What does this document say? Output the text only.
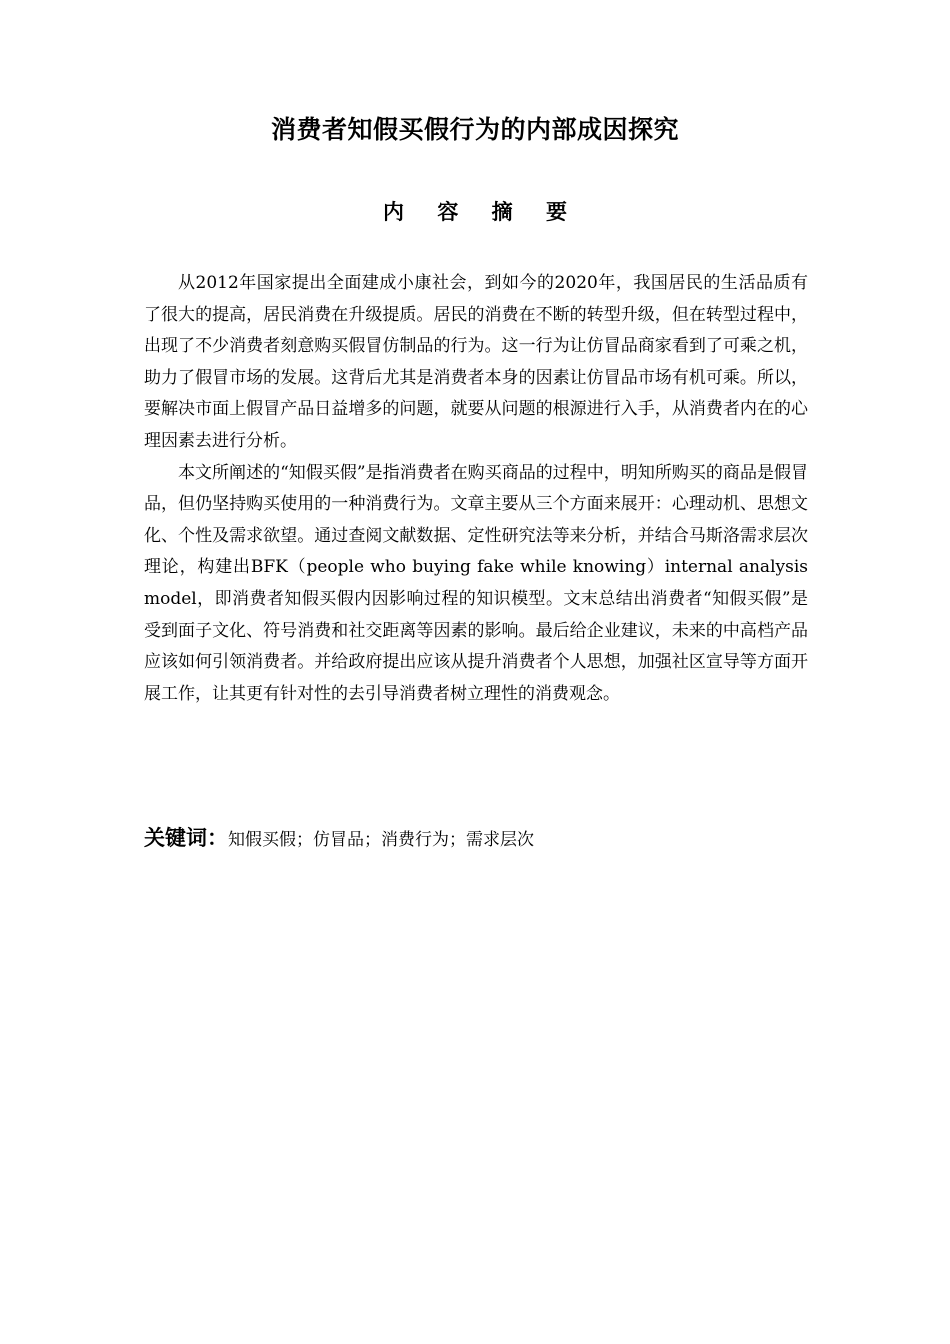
消费者知假买假行为的内部成因探究
内 容 摘 要

从2012年国家提出全面建成小康社会，到如今的2020年，我国居民的生活品质有了很大的提高，居民消费在升级提质。居民的消费在不断的转型升级，但在转型过程中，出现了不少消费者刻意购买假冒仿制品的行为。这一行为让仿冒品商家看到了可乘之机，助力了假冒市场的发展。这背后尤其是消费者本身的因素让仿冒品市场有机可乘。所以，要解决市面上假冒产品日益增多的问题，就要从问题的根源进行入手，从消费者内在的心理因素去进行分析。

本文所阐述的“知假买假”是指消费者在购买商品的过程中，明知所购买的商品是假冒品，但仍坚持购买使用的一种消费行为。文章主要从三个方面来展开：心理动机、思想文化、个性及需求欲望。通过查阅文献数据、定性研究法等来分析，并结合马斯洛需求层次理论，构建出BFK（people who buying fake while knowing）internal analysis model，即消费者知假买假内因影响过程的知识模型。文末总结出消费者“知假买假”是受到面子文化、符号消费和社交距离等因素的影响。最后给企业建议，未来的中高档产品应该如何引领消费者。并给政府提出应该从提升消费者个人思想，加强社区宣导等方面开展工作，让其更有针对性的去引导消费者树立理性的消费观念。

关键词：知假买假；仿冒品；消费行为；需求层次
